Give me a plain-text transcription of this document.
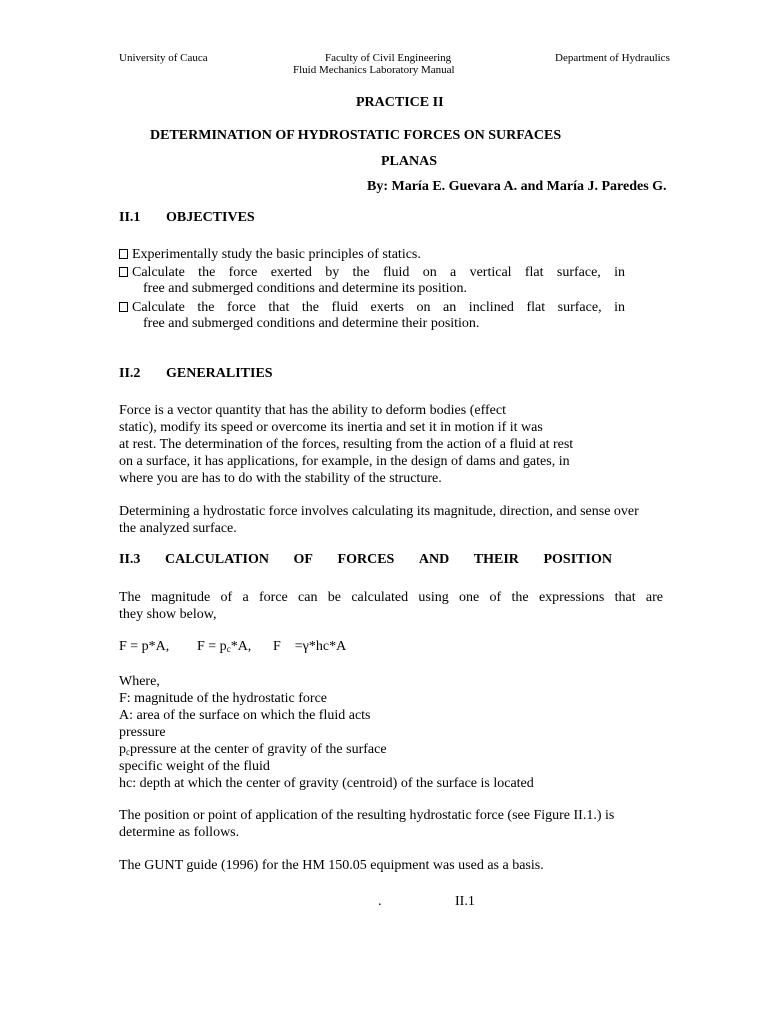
University of Cauca	Faculty of Civil Engineering
Fluid Mechanics Laboratory Manual
Department of Hydraulics
PRACTICE II
DETERMINATION OF HYDROSTATIC FORCES ON SURFACES
PLANAS
By: María E. Guevara A. and María J. Paredes G.
II.1 OBJECTIVES
Experimentally study the basic principles of statics.
Calculate the force exerted by the fluid on a vertical flat surface, in
free and submerged conditions and determine its position.
Calculate the force that the fluid exerts on an inclined flat surface, in
free and submerged conditions and determine their position.
II.2 GENERALITIES
Force is a vector quantity that has the ability to deform bodies (effect
static), modify its speed or overcome its inertia and set it in motion if it was
at rest. The determination of the forces, resulting from the action of a fluid at rest
on a surface, it has applications, for example, in the design of dams and gates, in
where you are has to do with the stability of the structure.
Determining a hydrostatic force involves calculating its magnitude, direction, and sense over
the analyzed surface.
II.3 CALCULATION OF FORCES AND THEIR POSITION
The magnitude of a force can be calculated using one of the expressions that are
they show below,
F = p*A, $F = p_c*A$, F    =γ*hc*A
Where,
F: magnitude of the hydrostatic force
A: area of the surface on which the fluid acts
pressure
$p_cpressure$ at the center of gravity of the surface
specific weight of the fluid
hc: depth at which the center of gravity (centroid) of the surface is located
The position or point of application of the resulting hydrostatic force (see Figure II.1.) is
determine as follows.
The GUNT guide (1996) for the HM 150.05 equipment was used as a basis.
.	II.1
